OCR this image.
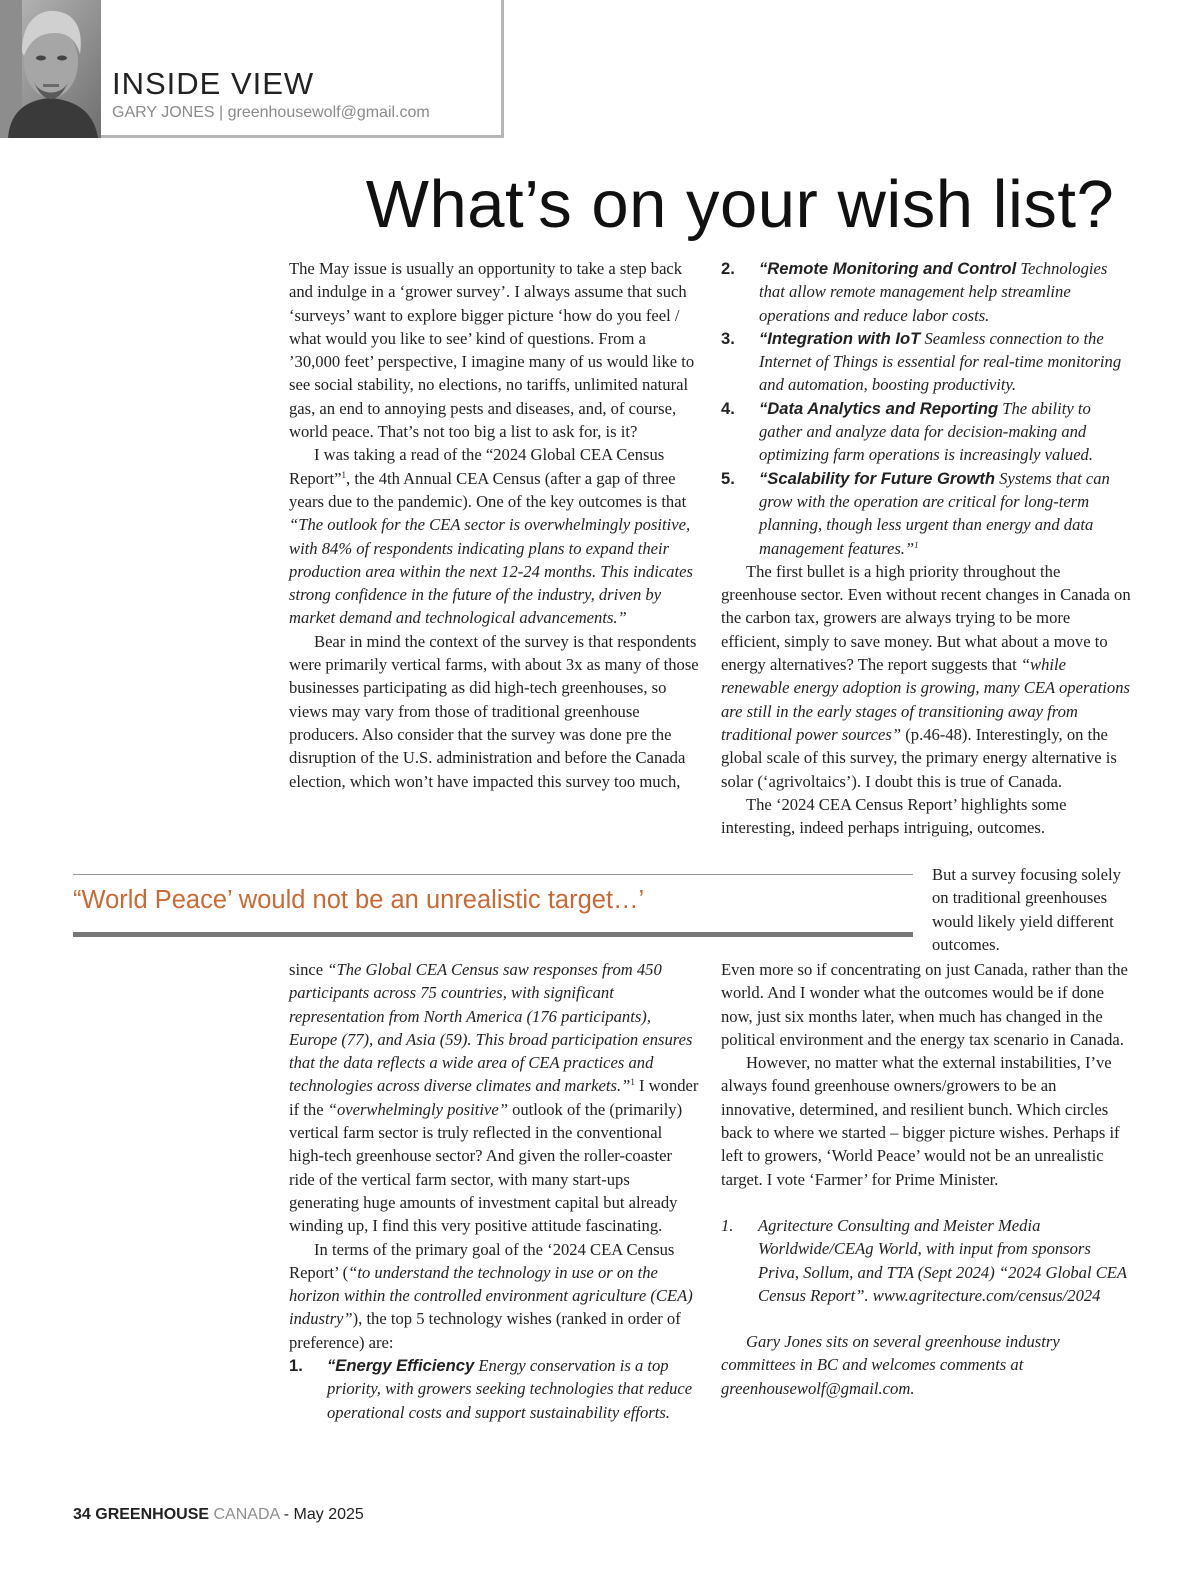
INSIDE VIEW
GARY JONES | greenhousewolf@gmail.com
What’s on your wish list?

The May issue is usually an opportunity to take a step back and indulge in a ‘grower survey’. I always assume that such ‘surveys’ want to explore bigger picture ‘how do you feel / what would you like to see’ kind of questions. From a ’30,000 feet’ perspective, I imagine many of us would like to see social stability, no elections, no tariffs, unlimited natural gas, an end to annoying pests and diseases, and, of course, world peace. That’s not too big a list to ask for, is it?

I was taking a read of the “2024 Global CEA Census Report”$^1$, the 4th Annual CEA Census (after a gap of three years due to the pandemic). One of the key outcomes is that “The outlook for the CEA sector is overwhelmingly positive, with 84% of respondents indicating plans to expand their production area within the next 12-24 months. This indicates strong confidence in the future of the industry, driven by market demand and technological advancements.”

Bear in mind the context of the survey is that respondents were primarily vertical farms, with about 3x as many of those businesses participating as did high-tech greenhouses, so views may vary from those of traditional greenhouse producers. Also consider that the survey was done pre the disruption of the U.S. administration and before the Canada election, which won’t have impacted this survey too much,

“World Peace’ would not be an unrealistic target…’

since “The Global CEA Census saw responses from 450 participants across 75 countries, with significant representation from North America (176 participants), Europe (77), and Asia (59). This broad participation ensures that the data reflects a wide area of CEA practices and technologies across diverse climates and markets.”$^1$ I wonder if the “overwhelmingly positive” outlook of the (primarily) vertical farm sector is truly reflected in the conventional high-tech greenhouse sector? And given the roller-coaster ride of the vertical farm sector, with many start-ups generating huge amounts of investment capital but already winding up, I find this very positive attitude fascinating.

In terms of the primary goal of the ‘2024 CEA Census Report’ (“to understand the technology in use or on the horizon within the controlled environment agriculture (CEA) industry”), the top 5 technology wishes (ranked in order of preference) are:

1. “Energy Efficiency Energy conservation is a top priority, with growers seeking technologies that reduce operational costs and support sustainability efforts.
2. “Remote Monitoring and Control Technologies that allow remote management help streamline operations and reduce labor costs.
3. “Integration with IoT Seamless connection to the Internet of Things is essential for real-time monitoring and automation, boosting productivity.
4. “Data Analytics and Reporting The ability to gather and analyze data for decision-making and optimizing farm operations is increasingly valued.
5. “Scalability for Future Growth Systems that can grow with the operation are critical for long-term planning, though less urgent than energy and data management features.”$^1$

The first bullet is a high priority throughout the greenhouse sector. Even without recent changes in Canada on the carbon tax, growers are always trying to be more efficient, simply to save money. But what about a move to energy alternatives? The report suggests that “while renewable energy adoption is growing, many CEA operations are still in the early stages of transitioning away from traditional power sources” (p.46-48). Interestingly, on the global scale of this survey, the primary energy alternative is solar (‘agrivoltaics’). I doubt this is true of Canada.

The ‘2024 CEA Census Report’ highlights some interesting, indeed perhaps intriguing, outcomes.

But a survey focusing solely on traditional greenhouses would likely yield different outcomes.

Even more so if concentrating on just Canada, rather than the world. And I wonder what the outcomes would be if done now, just six months later, when much has changed in the political environment and the energy tax scenario in Canada.

However, no matter what the external instabilities, I’ve always found greenhouse owners/growers to be an innovative, determined, and resilient bunch. Which circles back to where we started – bigger picture wishes. Perhaps if left to growers, ‘World Peace’ would not be an unrealistic target. I vote ‘Farmer’ for Prime Minister.

1. Agritecture Consulting and Meister Media Worldwide/CEAg World, with input from sponsors Priva, Sollum, and TTA (Sept 2024) “2024 Global CEA Census Report”. www.agritecture.com/census/2024

Gary Jones sits on several greenhouse industry committees in BC and welcomes comments at greenhousewolf@gmail.com.

34 GREENHOUSE CANADA - May 2025
